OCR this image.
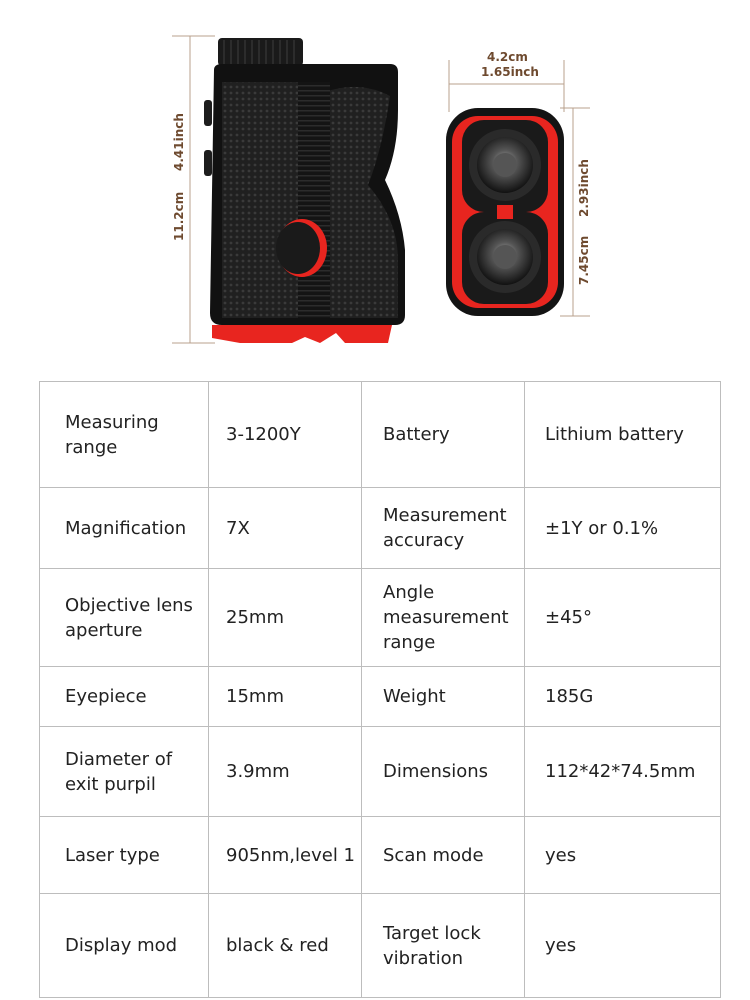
4.41inch
11.2cm
4.2cm
1.65inch
2.93inch
7.45cm
Measuring range	3-1200Y	Battery	Lithium battery
Magnification	7X	Measurement accuracy	±1Y or 0.1%
Objective lens aperture	25mm	Angle measurement range	±45°
Eyepiece	15mm	Weight	185G
Diameter of exit purpil	3.9mm	Dimensions	112*42*74.5mm
Laser type	905nm,level 1	Scan mode	yes
Display mod	black & red	Target lock vibration	yes
